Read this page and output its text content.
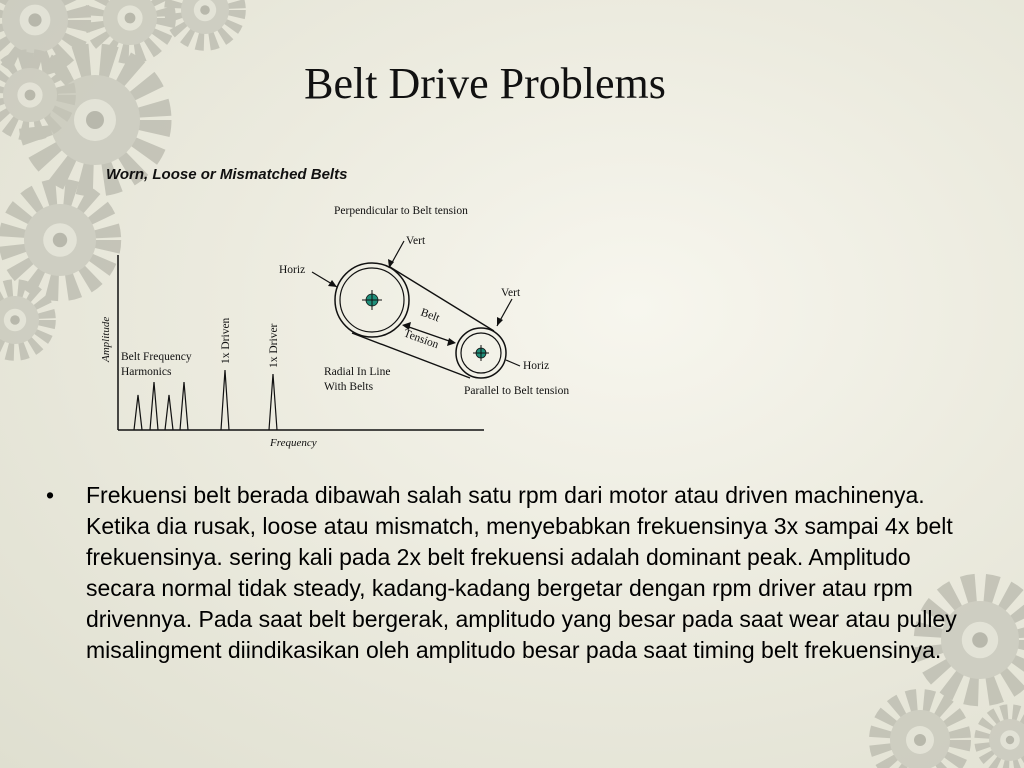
Belt Drive Problems
Worn, Loose or Mismatched Belts
Amplitude
Frequency
Belt Frequency
Harmonics
1x Driven	1x Driver
Perpendicular to Belt tension
Vert
Horiz
Vert
Belt
Tension
Horiz
Radial In Line
With Belts	Parallel to Belt tension
•	Frekuensi belt berada dibawah salah satu rpm dari motor atau driven machinenya. Ketika dia rusak, loose atau mismatch, menyebabkan frekuensinya 3x sampai 4x belt frekuensinya. sering kali pada 2x belt frekuensi adalah dominant peak. Amplitudo secara normal tidak steady, kadang-kadang bergetar dengan rpm driver atau rpm drivennya. Pada saat belt bergerak, amplitudo yang besar pada saat wear atau pulley misalingment diindikasikan oleh amplitudo besar pada saat timing belt frekuensinya.
